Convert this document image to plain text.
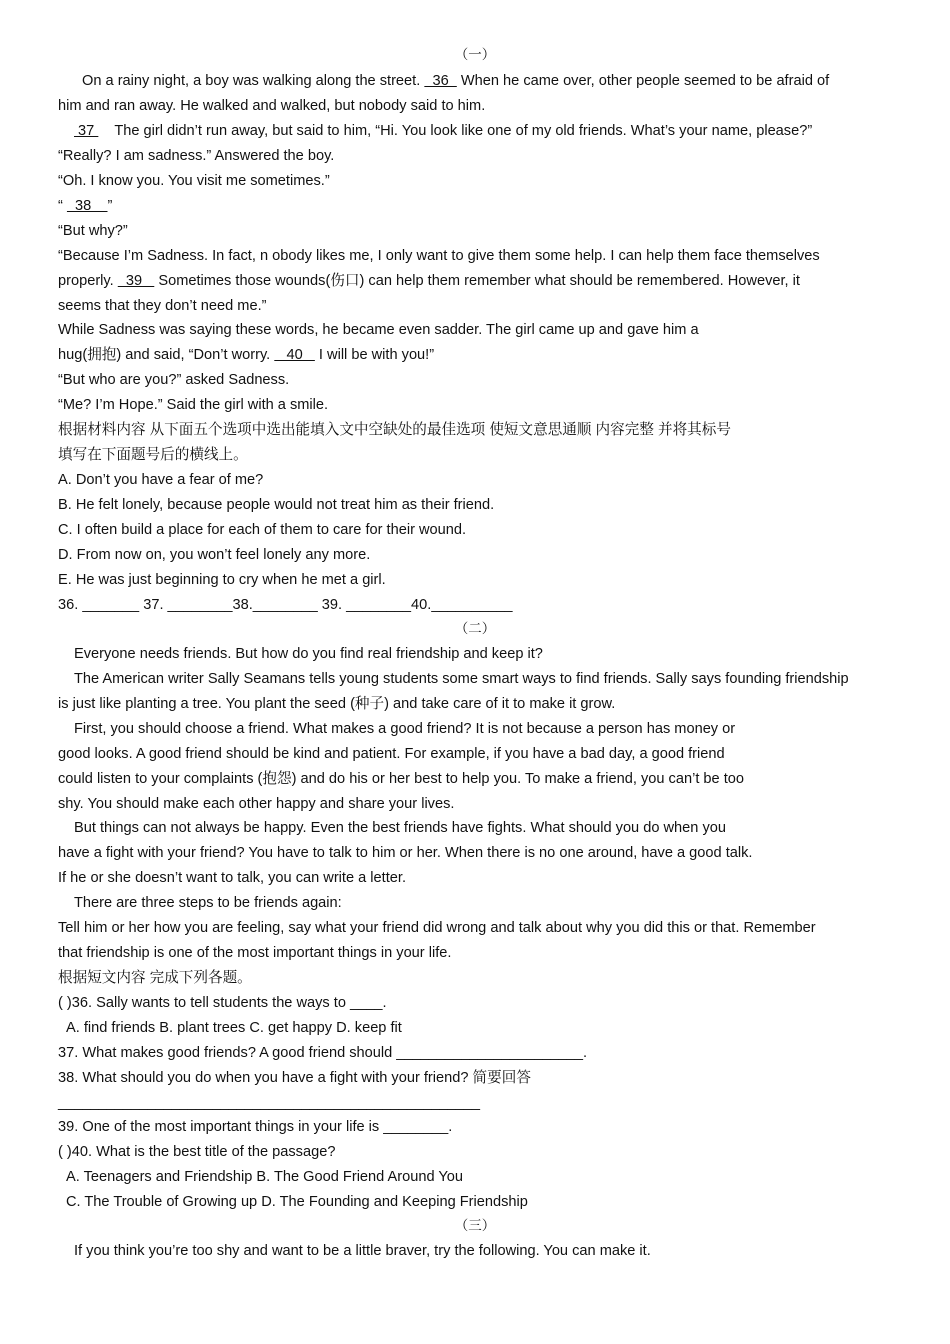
（一）
On a rainy night, a boy was walking along the street.   36   When he came over, other people seemed to be afraid of
him and ran away. He walked and walked, but nobody said to him.
37     The girl didn’t run away, but said to him, “Hi. You look like one of my old friends. What’s your name, please?”
“Really? I am sadness.” Answered the boy.
“Oh. I know you. You visit me sometimes.”
“   38    ”
“But why?”
“Because I’m Sadness. In fact, n obody likes me, I only want to give them some help. I can help them face themselves
properly.   39    Sometimes those wounds(伤口) can help them remember what should be remembered. However, it
seems that they don’t need me.”
While Sadness was saying these words, he became even sadder. The girl came up and gave him a
hug(拥抱) and said, “Don’t worry.    40    I will be with you!”
“But who are you?” asked Sadness.
“Me? I’m Hope.” Said the girl with a smile.
根据材料内容 从下面五个选项中选出能填入文中空缺处的最佳选项 使短文意思通顺 内容完整 并将其标号
填写在下面题号后的横线上。
A. Don’t you have a fear of me?
B. He felt lonely, because people would not treat him as their friend.
C. I often build a place for each of them to care for their wound.
D. From now on, you won’t feel lonely any more.
E. He was just beginning to cry when he met a girl.
36. _______ 37. ________38.________ 39. ________40.__________
（二）
Everyone needs friends. But how do you find real friendship and keep it?
The American writer Sally Seamans tells young students some smart ways to find friends. Sally says founding friendship
is just like planting a tree. You plant the seed (种子) and take care of it to make it grow.
First, you should choose a friend. What makes a good friend? It is not because a person has money or
good looks. A good friend should be kind and patient. For example, if you have a bad day, a good friend
could listen to your complaints (抱怨) and do his or her best to help you. To make a friend, you can’t be too
shy. You should make each other happy and share your lives.
But things can not always be happy. Even the best friends have fights. What should you do when you
have a fight with your friend? You have to talk to him or her. When there is no one around, have a good talk.
If he or she doesn’t want to talk, you can write a letter.
There are three steps to be friends again:
Tell him or her how you are feeling, say what your friend did wrong and talk about why you did this or that. Remember
that friendship is one of the most important things in your life.
根据短文内容 完成下列各题。
( )36. Sally wants to tell students the ways to ____.
A. find friends B. plant trees C. get happy D. keep fit
37. What makes good friends? A good friend should _______________________.
38. What should you do when you have a fight with your friend? 简要回答
____________________________________________________
39. One of the most important things in your life is ________.
( )40. What is the best title of the passage?
A. Teenagers and Friendship B. The Good Friend Around You
C. The Trouble of Growing up D. The Founding and Keeping Friendship
（三）
If you think you’re too shy and want to be a little braver, try the following. You can make it.
